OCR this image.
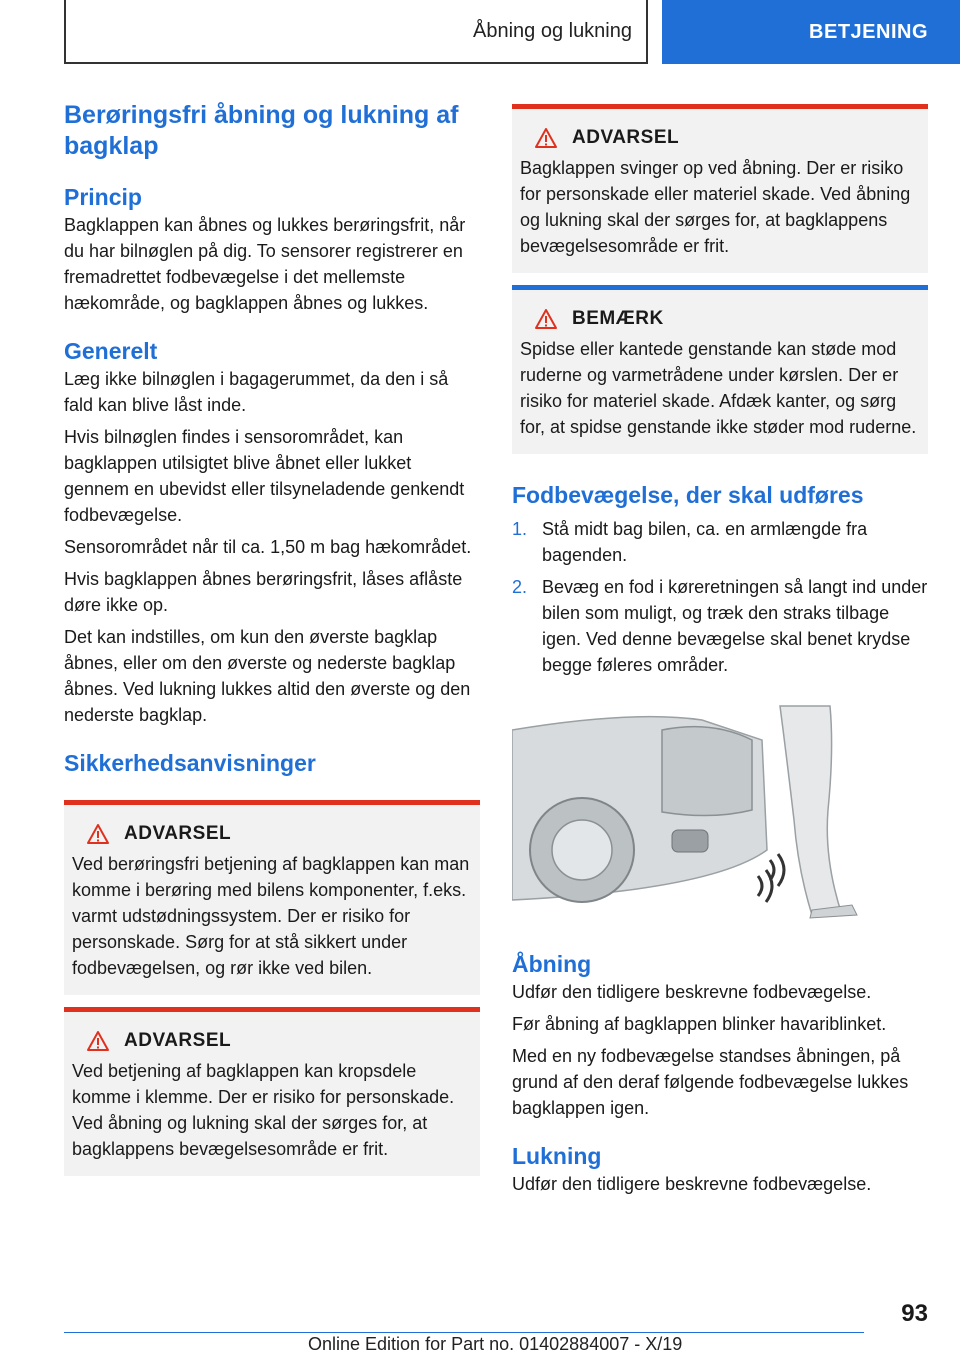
Åbning og lukning	BETJENING
Berøringsfri åbning og lukning af bagklap
Princip

Bagklappen kan åbnes og lukkes berøringsfrit, når du har bilnøglen på dig. To sensorer registrerer en fremadrettet fodbevægelse i det mellemste hækområde, og bagklappen åbnes og lukkes.

Generelt

Læg ikke bilnøglen i bagagerummet, da den i så fald kan blive låst inde.

Hvis bilnøglen findes i sensorområdet, kan bagklappen utilsigtet blive åbnet eller lukket gennem en ubevidst eller tilsyneladende genkendt fodbevægelse.

Sensorområdet når til ca. 1,50 m bag hækområdet.

Hvis bagklappen åbnes berøringsfrit, låses aflåste døre ikke op.

Det kan indstilles, om kun den øverste bagklap åbnes, eller om den øverste og nederste bagklap åbnes. Ved lukning lukkes altid den øverste og den nederste bagklap.

Sikkerhedsanvisninger
ADVARSEL

Ved berøringsfri betjening af bagklappen kan man komme i berøring med bilens komponenter, f.eks. varmt udstødningssystem. Der er risiko for personskade. Sørg for at stå sikkert under fodbevægelsen, og rør ikke ved bilen.

ADVARSEL

Ved betjening af bagklappen kan kropsdele komme i klemme. Der er risiko for personskade. Ved åbning og lukning skal der sørges for, at bagklappens bevægelsesområde er frit.

ADVARSEL

Bagklappen svinger op ved åbning. Der er risiko for personskade eller materiel skade. Ved åbning og lukning skal der sørges for, at bagklappens bevægelsesområde er frit.

BEMÆRK

Spidse eller kantede genstande kan støde mod ruderne og varmetrådene under kørslen. Der er risiko for materiel skade. Afdæk kanter, og sørg for, at spidse genstande ikke støder mod ruderne.

Fodbevægelse, der skal udføres
1. Stå midt bag bilen, ca. en armlængde fra bagenden.
2. Bevæg en fod i køreretningen så langt ind under bilen som muligt, og træk den straks tilbage igen. Ved denne bevægelse skal benet krydse begge føleres områder.
Åbning

Udfør den tidligere beskrevne fodbevægelse.

Før åbning af bagklappen blinker havariblinket.

Med en ny fodbevægelse standses åbningen, på grund af den deraf følgende fodbevægelse lukkes bagklappen igen.

Lukning

Udfør den tidligere beskrevne fodbevægelse.

93
Online Edition for Part no. 01402884007 - X/19
